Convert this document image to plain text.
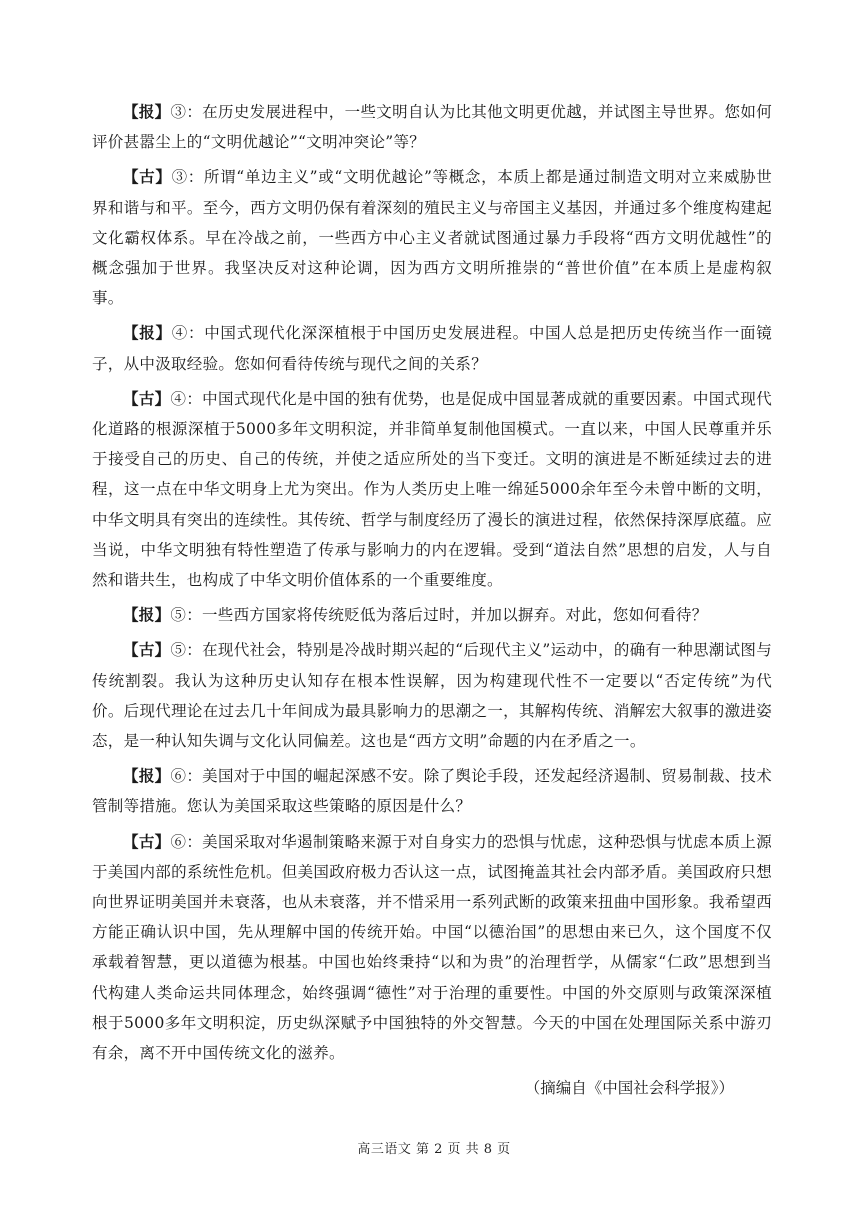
【报】③：在历史发展进程中，一些文明自认为比其他文明更优越，并试图主导世界。您如何评价甚嚣尘上的“文明优越论”“文明冲突论”等？

【古】③：所谓“单边主义”或“文明优越论”等概念，本质上都是通过制造文明对立来威胁世界和谐与和平。至今，西方文明仍保有着深刻的殖民主义与帝国主义基因，并通过多个维度构建起文化霸权体系。早在冷战之前，一些西方中心主义者就试图通过暴力手段将“西方文明优越性”的概念强加于世界。我坚决反对这种论调，因为西方文明所推崇的“普世价值”在本质上是虚构叙事。

【报】④：中国式现代化深深植根于中国历史发展进程。中国人总是把历史传统当作一面镜子，从中汲取经验。您如何看待传统与现代之间的关系？

【古】④：中国式现代化是中国的独有优势，也是促成中国显著成就的重要因素。中国式现代化道路的根源深植于5000多年文明积淀，并非简单复制他国模式。一直以来，中国人民尊重并乐于接受自己的历史、自己的传统，并使之适应所处的当下变迁。文明的演进是不断延续过去的进程，这一点在中华文明身上尤为突出。作为人类历史上唯一绵延5000余年至今未曾中断的文明，中华文明具有突出的连续性。其传统、哲学与制度经历了漫长的演进过程，依然保持深厚底蕴。应当说，中华文明独有特性塑造了传承与影响力的内在逻辑。受到“道法自然”思想的启发，人与自然和谐共生，也构成了中华文明价值体系的一个重要维度。

【报】⑤：一些西方国家将传统贬低为落后过时，并加以摒弃。对此，您如何看待？

【古】⑤：在现代社会，特别是冷战时期兴起的“后现代主义”运动中，的确有一种思潮试图与传统割裂。我认为这种历史认知存在根本性误解，因为构建现代性不一定要以“否定传统”为代价。后现代理论在过去几十年间成为最具影响力的思潮之一，其解构传统、消解宏大叙事的激进姿态，是一种认知失调与文化认同偏差。这也是“西方文明”命题的内在矛盾之一。

【报】⑥：美国对于中国的崛起深感不安。除了舆论手段，还发起经济遏制、贸易制裁、技术管制等措施。您认为美国采取这些策略的原因是什么？

【古】⑥：美国采取对华遏制策略来源于对自身实力的恐惧与忧虑，这种恐惧与忧虑本质上源于美国内部的系统性危机。但美国政府极力否认这一点，试图掩盖其社会内部矛盾。美国政府只想向世界证明美国并未衰落，也从未衰落，并不惜采用一系列武断的政策来扭曲中国形象。我希望西方能正确认识中国，先从理解中国的传统开始。中国“以德治国”的思想由来已久，这个国度不仅承载着智慧，更以道德为根基。中国也始终秉持“以和为贵”的治理哲学，从儒家“仁政”思想到当代构建人类命运共同体理念，始终强调“德性”对于治理的重要性。中国的外交原则与政策深深植根于5000多年文明积淀，历史纵深赋予中国独特的外交智慧。今天的中国在处理国际关系中游刃有余，离不开中国传统文化的滋养。

（摘编自《中国社会科学报》）

高三语文 第 2 页 共 8 页
